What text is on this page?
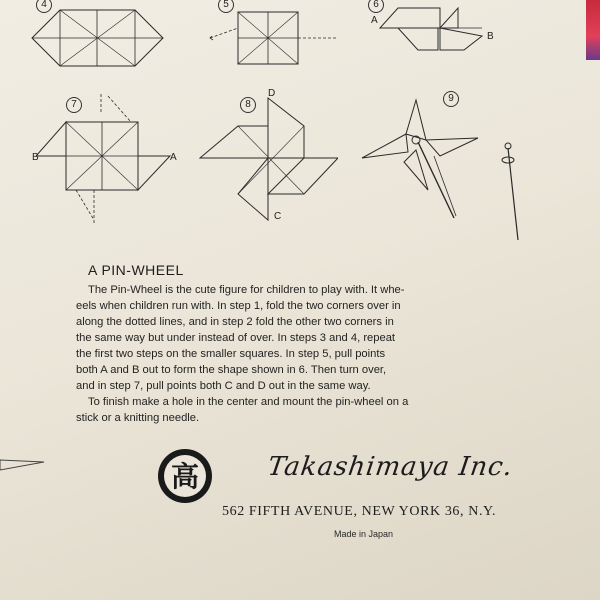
4	5	6
A
B
7
B	A
8
D
C
9
A PIN-WHEEL

The Pin-Wheel is the cute figure for children to play with. It whe-

eels when children run with. In step 1, fold the two corners over in

along the dotted lines, and in step 2 fold the other two corners in

the same way but under instead of over. In steps 3 and 4, repeat

the first two steps on the smaller squares. In step 5, pull points

both A and B out to form the shape shown in 6. Then turn over,

and in step 7, pull points both C and D out in the same way.

To finish make a hole in the center and mount the pin-wheel on a

stick or a knitting needle.

高	Takashimaya Inc.
562 FIFTH AVENUE, NEW YORK 36, N.Y.
Made in Japan
